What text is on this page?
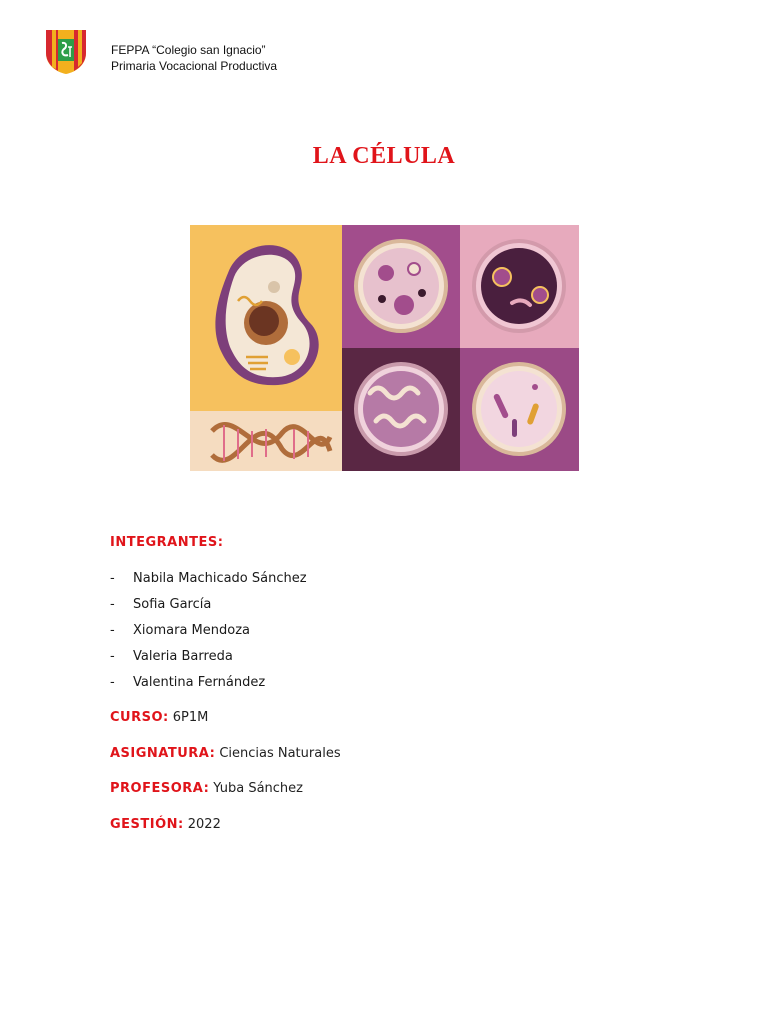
FEPPA “Colegio san Ignacio”
Primaria Vocacional Productiva
LA CÉLULA
INTEGRANTES:
-	Nabila Machicado Sánchez
-	Sofia García
-	Xiomara Mendoza
-	Valeria Barreda
-	Valentina Fernández
CURSO: 6P1M
ASIGNATURA: Ciencias Naturales
PROFESORA: Yuba Sánchez
GESTIÓN: 2022
